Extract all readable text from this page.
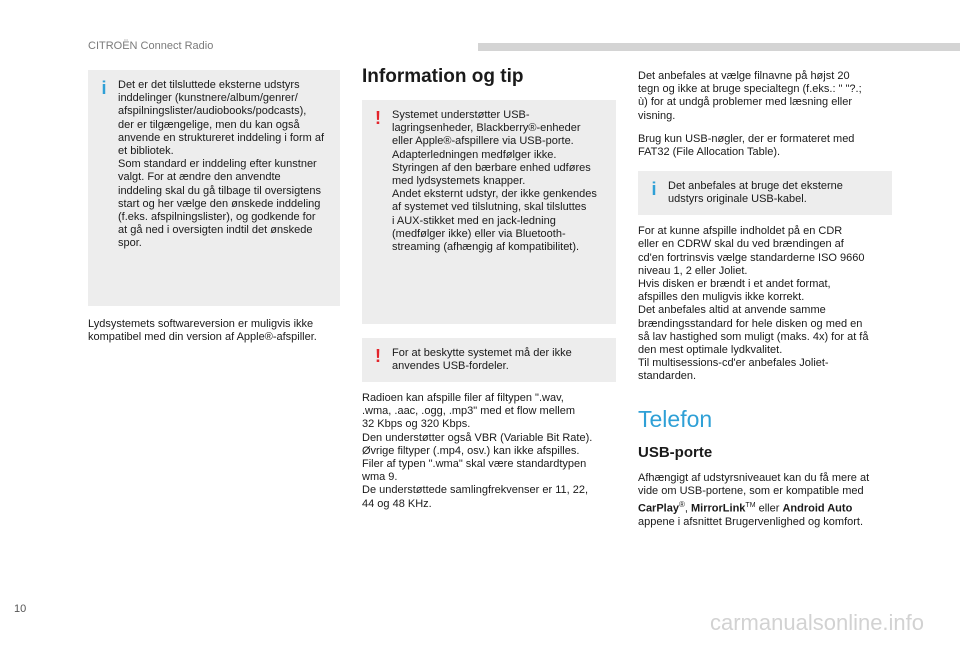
CITROËN Connect Radio
i	Det er det tilsluttede eksterne udstyrs
inddelinger (kunstnere/album/genrer/
afspilningslister/audiobooks/podcasts),
der er tilgængelige, men du kan også
anvende en struktureret inddeling i form af
et bibliotek.
Som standard er inddeling efter kunstner
valgt. For at ændre den anvendte
inddeling skal du gå tilbage til oversigtens
start og her vælge den ønskede inddeling
(f.eks. afspilningslister), og godkende for
at gå ned i oversigten indtil det ønskede
spor.

Lydsystemets softwareversion er muligvis ikke
kompatibel med din version af Apple®-afspiller.

Information og tip
!	Systemet understøtter USB-
lagringsenheder, Blackberry®-enheder
eller Apple®-afspillere via USB-porte.
Adapterledningen medfølger ikke.
Styringen af den bærbare enhed udføres
med lydsystemets knapper.
Andet eksternt udstyr, der ikke genkendes
af systemet ved tilslutning, skal tilsluttes
i AUX-stikket med en jack-ledning
(medfølger ikke) eller via Bluetooth-
streaming (afhængig af kompatibilitet).

!	For at beskytte systemet må der ikke
anvendes USB-fordeler.

Radioen kan afspille filer af filtypen ".wav,
.wma, .aac, .ogg, .mp3" med et flow mellem
32 Kbps og 320 Kbps.
Den understøtter også VBR (Variable Bit Rate).
Øvrige filtyper (.mp4, osv.) kan ikke afspilles.
Filer af typen ".wma" skal være standardtypen
wma 9.
De understøttede samlingfrekvenser er 11, 22,
44 og 48 KHz.

Det anbefales at vælge filnavne på højst 20
tegn og ikke at bruge specialtegn (f.eks.: " "?.;
ù) for at undgå problemer med læsning eller
visning.

Brug kun USB-nøgler, der er formateret med
FAT32 (File Allocation Table).

i	Det anbefales at bruge det eksterne
udstyrs originale USB-kabel.

For at kunne afspille indholdet på en CDR
eller en CDRW skal du ved brændingen af
cd'en fortrinsvis vælge standarderne ISO 9660
niveau 1, 2 eller Joliet.
Hvis disken er brændt i et andet format,
afspilles den muligvis ikke korrekt.
Det anbefales altid at anvende samme
brændingsstandard for hele disken og med en
så lav hastighed som muligt (maks. 4x) for at få
den mest optimale lydkvalitet.
Til multisessions-cd'er anbefales Joliet-
standarden.

Telefon
USB-porte

Afhængigt af udstyrsniveauet kan du få mere at
vide om USB-portene, som er kompatible med
CarPlay®, MirrorLink™ eller Android Auto
appene i afsnittet Brugervenlighed og komfort.

10
carmanualsonline.info
